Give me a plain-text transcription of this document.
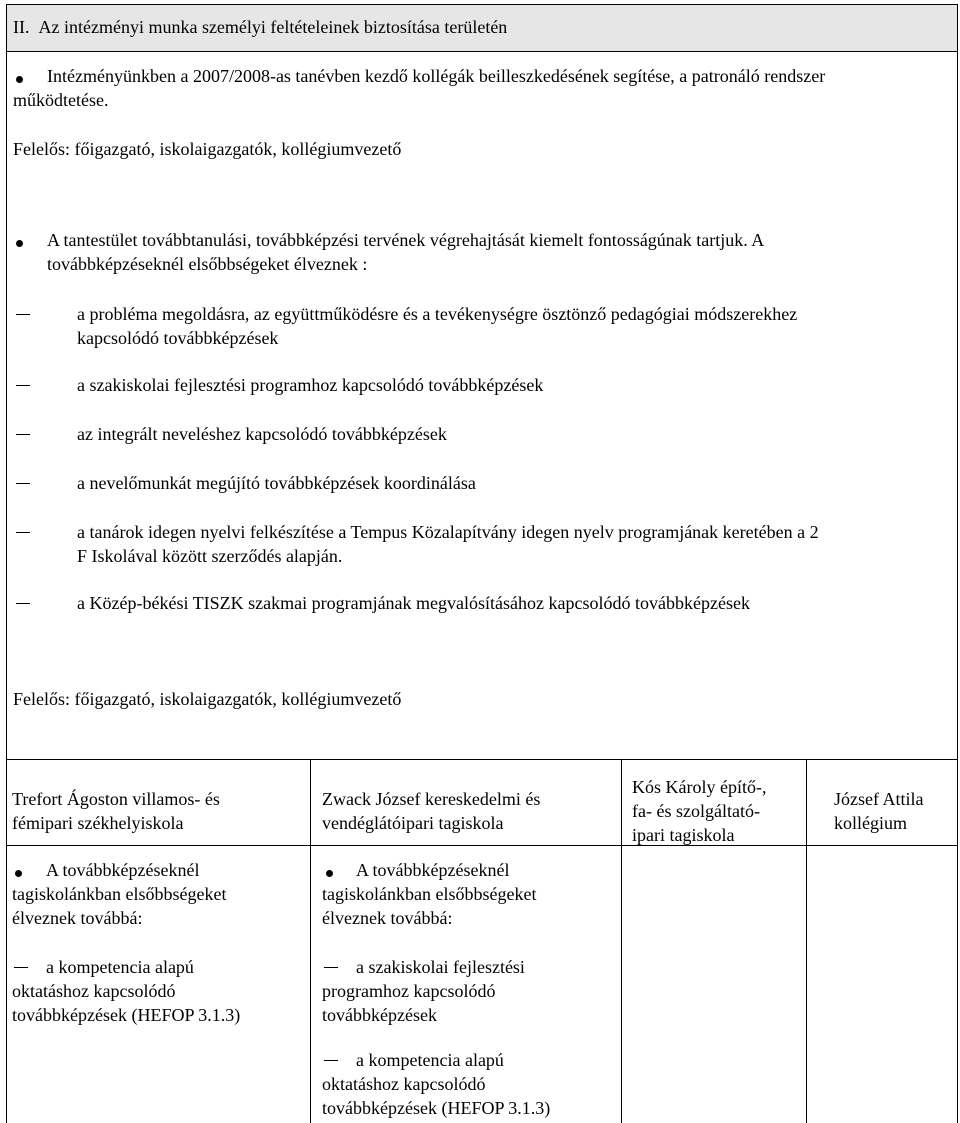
II.  Az intézményi munka személyi feltételeinek biztosítása területén

Intézményünkben a 2007/2008-as tanévben kezdő kollégák beilleszkedésének segítése, a patronáló rendszer

működtetése.

Felelős: főigazgató, iskolaigazgatók, kollégiumvezető

A tantestület továbbtanulási, továbbképzési tervének végrehajtását kiemelt fontosságúnak tartjuk. A

továbbképzéseknél elsőbbségeket élveznek :

a probléma megoldásra, az együttműködésre és a tevékenységre ösztönző pedagógiai módszerekhez

kapcsolódó továbbképzések

a szakiskolai fejlesztési programhoz kapcsolódó továbbképzések

az integrált neveléshez kapcsolódó továbbképzések

a nevelőmunkát megújító továbbképzések koordinálása

a tanárok idegen nyelvi felkészítése a Tempus Közalapítvány idegen nyelv programjának keretében a 2

F Iskolával között szerződés alapján.

a Közép-békési TISZK szakmai programjának megvalósításához kapcsolódó továbbképzések

Felelős: főigazgató, iskolaigazgatók, kollégiumvezető

Trefort Ágoston villamos- és

fémipari székhelyiskola

Zwack József kereskedelmi és

vendéglátóipari tagiskola

Kós Károly építő-,

fa- és szolgáltató-

ipari tagiskola

József Attila

kollégium

A továbbképzéseknél

tagiskolánkban elsőbbségeket

élveznek továbbá:

a kompetencia alapú

oktatáshoz kapcsolódó

továbbképzések (HEFOP 3.1.3)

A továbbképzéseknél

tagiskolánkban elsőbbségeket

élveznek továbbá:

a szakiskolai fejlesztési

programhoz kapcsolódó

továbbképzések

a kompetencia alapú

oktatáshoz kapcsolódó

továbbképzések (HEFOP 3.1.3)
